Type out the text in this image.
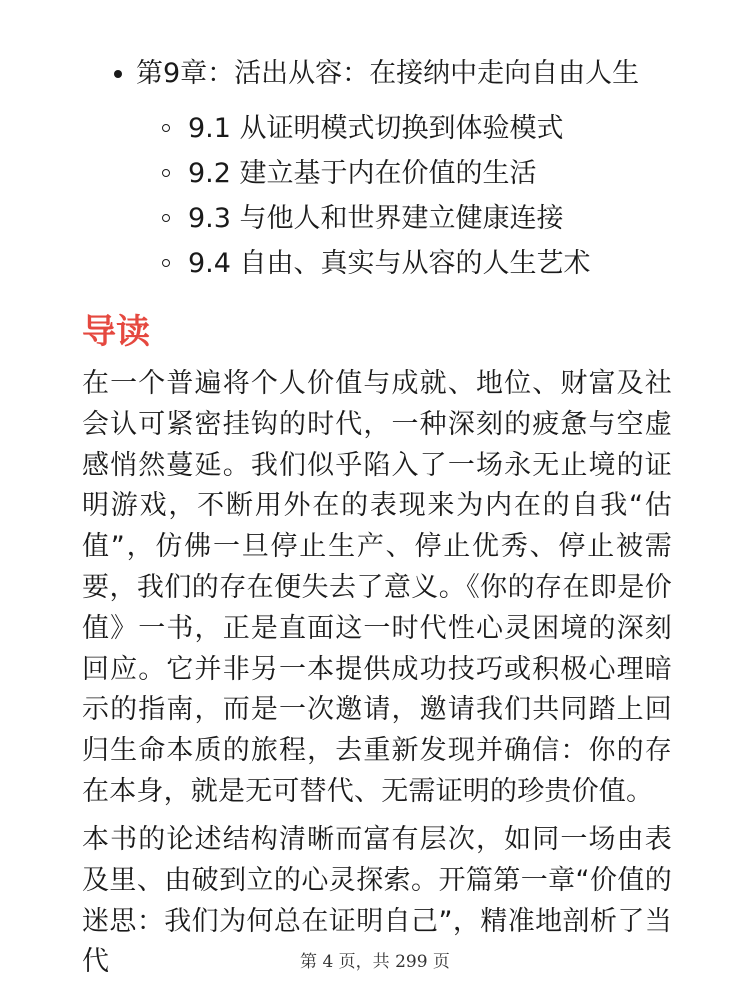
第9章：活出从容：在接纳中走向自由人生
9.1 从证明模式切换到体验模式
9.2 建立基于内在价值的生活
9.3 与他人和世界建立健康连接
9.4 自由、真实与从容的人生艺术
导读

在一个普遍将个人价值与成就、地位、财富及社会认可紧密挂钩的时代，一种深刻的疲惫与空虚感悄然蔓延。我们似乎陷入了一场永无止境的证明游戏，不断用外在的表现来为内在的自我“估值”，仿佛一旦停止生产、停止优秀、停止被需要，我们的存在便失去了意义。《你的存在即是价值》一书，正是直面这一时代性心灵困境的深刻回应。它并非另一本提供成功技巧或积极心理暗示的指南，而是一次邀请，邀请我们共同踏上回归生命本质的旅程，去重新发现并确信：你的存在本身，就是无可替代、无需证明的珍贵价值。

本书的论述结构清晰而富有层次，如同一场由表及里、由破到立的心灵探索。开篇第一章“价值的迷思：我们为何总在证明自己”，精准地剖析了当代	第 4 页，共 299 页
